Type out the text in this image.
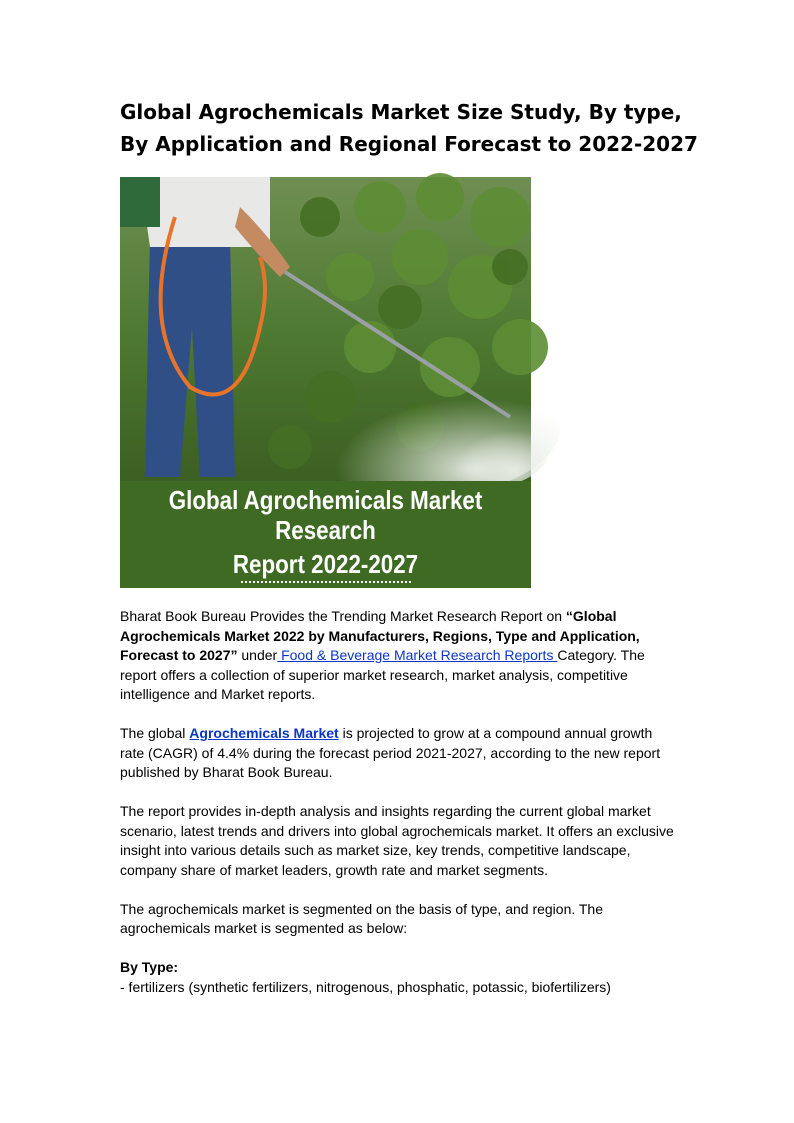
Global Agrochemicals Market Size Study, By type, By Application and Regional Forecast to 2022-2027
Global Agrochemicals Market Research
Report 2022-2027
www.bharatbook.com

Bharat Book Bureau Provides the Trending Market Research Report on “Global Agrochemicals Market 2022 by Manufacturers, Regions, Type and Application, Forecast to 2027” under Food & Beverage Market Research Reports Category. The report offers a collection of superior market research, market analysis, competitive intelligence and Market reports.

The global Agrochemicals Market is projected to grow at a compound annual growth rate (CAGR) of 4.4% during the forecast period 2021-2027, according to the new report published by Bharat Book Bureau.

The report provides in-depth analysis and insights regarding the current global market scenario, latest trends and drivers into global agrochemicals market. It offers an exclusive insight into various details such as market size, key trends, competitive landscape, company share of market leaders, growth rate and market segments.

The agrochemicals market is segmented on the basis of type, and region. The agrochemicals market is segmented as below:

By Type:
- fertilizers (synthetic fertilizers, nitrogenous, phosphatic, potassic, biofertilizers)
